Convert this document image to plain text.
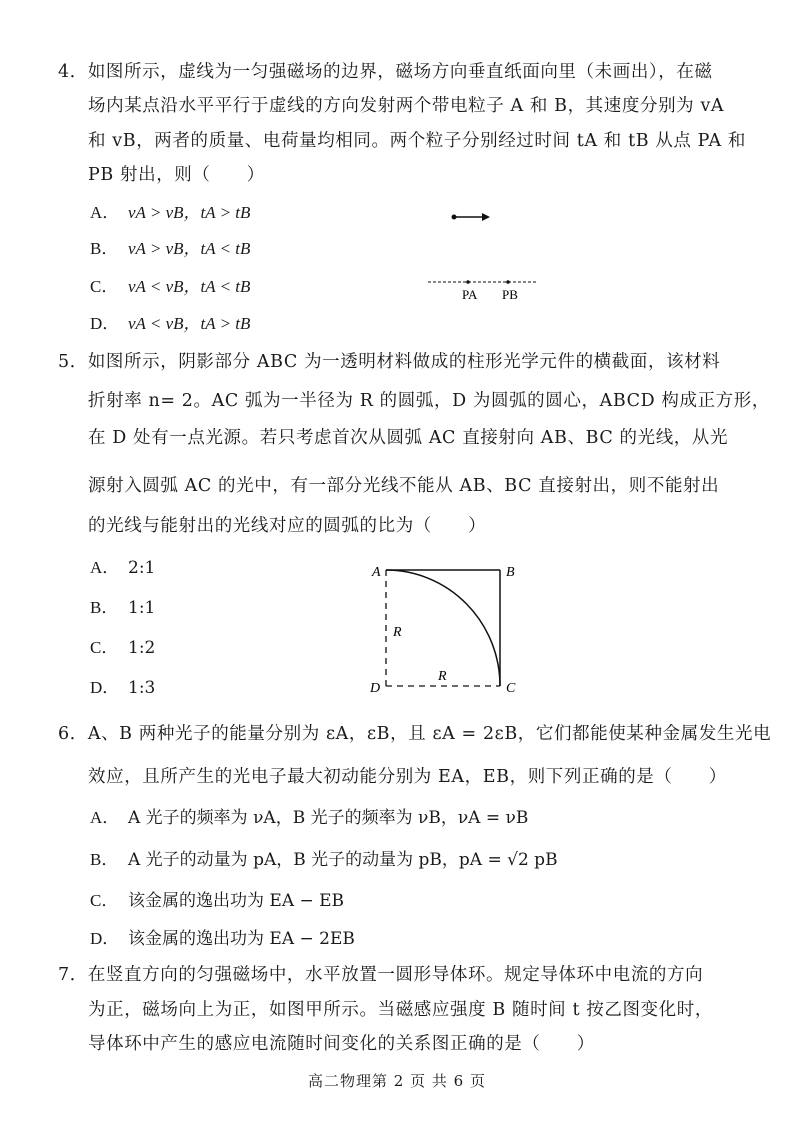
4．如图所示，虚线为一匀强磁场的边界，磁场方向垂直纸面向里（未画出），在磁
场内某点沿水平平行于虚线的方向发射两个带电粒子 A 和 B，其速度分别为 vA
和 vB，两者的质量、电荷量均相同。两个粒子分别经过时间 tA 和 tB 从点 PA 和
PB 射出，则（　　）
A． vA > vB，tA > tB
B． vA > vB，tA < tB
C． vA < vB，tA < tB
D． vA < vB，tA > tB
PA PB
5．如图所示，阴影部分 ABC 为一透明材料做成的柱形光学元件的横截面，该材料
折射率 n= 2。AC 弧为一半径为 R 的圆弧，D 为圆弧的圆心，ABCD 构成正方形，
在 D 处有一点光源。若只考虑首次从圆弧 AC 直接射向 AB、BC 的光线，从光
源射入圆弧 AC 的光中，有一部分光线不能从 AB、BC 直接射出，则不能射出
的光线与能射出的光线对应的圆弧的比为（　　）
A． 2:1
B． 1:1
C． 1:2
D． 1:3
A	B
C
D
R
R
6．A、B 两种光子的能量分别为 εA，εB，且 εA = 2εB，它们都能使某种金属发生光电
效应，且所产生的光电子最大初动能分别为 EA，EB，则下列正确的是（　　）
A． A 光子的频率为 νA，B 光子的频率为 νB，νA = νB
B． A 光子的动量为 pA，B 光子的动量为 pB，pA = √2 pB
C． 该金属的逸出功为 EA − EB
D． 该金属的逸出功为 EA − 2EB
7．在竖直方向的匀强磁场中，水平放置一圆形导体环。规定导体环中电流的方向
为正，磁场向上为正，如图甲所示。当磁感应强度 B 随时间 t 按乙图变化时，
导体环中产生的感应电流随时间变化的关系图正确的是（　　）
高二物理第 2 页 共 6 页
